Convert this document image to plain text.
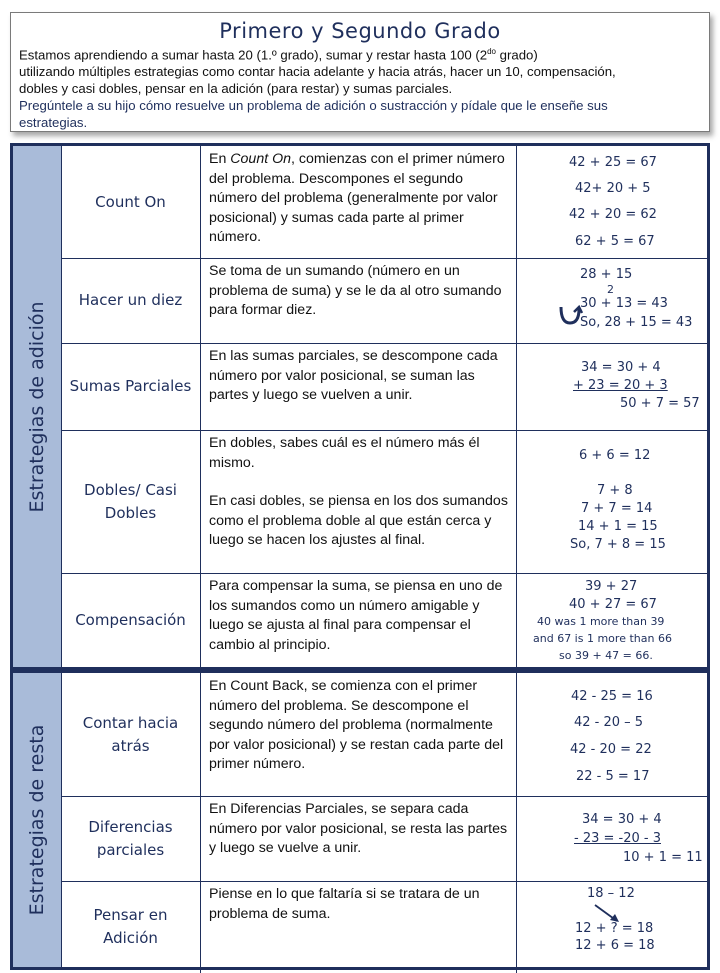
Primero y Segundo Grado
Estamos aprendiendo a sumar hasta 20 (1.º grado), sumar y restar hasta 100 ($2^{do}$ grado)
utilizando múltiples estrategias como contar hacia adelante y hacia atrás, hacer un 10, compensación,
dobles y casi dobles, pensar en la adición (para restar) y sumas parciales.
Pregúntele a su hijo cómo resuelve un problema de adición o sustracción y pídale que le enseñe sus
estrategias.
Estrategias de adición
Count On
En Count On, comienzas con el primer número del problema. Descompones el segundo número del problema (generalmente por valor posicional) y sumas cada parte al primer número.
42 + 25 = 67
42+ 20 + 5
42 + 20 = 62
62 + 5 = 67
Hacer un diez
Se toma de un sumando (número en un problema de suma) y se le da al otro sumando para formar diez.
28 + 15
2
30 + 13 = 43
So, 28 + 15 = 43
Sumas Parciales
En las sumas parciales, se descompone cada número por valor posicional, se suman las partes y luego se vuelven a unir.
34 = 30 + 4
+ 23 = 20 + 3
50 + 7 = 57
Dobles/ Casi Dobles
En dobles, sabes cuál es el número más él mismo.
En casi dobles, se piensa en los dos sumandos como el problema doble al que están cerca y luego se hacen los ajustes al final.
6 + 6 = 12
7 + 8
7 + 7 = 14
14 + 1 = 15
So, 7 + 8 = 15
Compensación
Para compensar la suma, se piensa en uno de los sumandos como un número amigable y luego se ajusta al final para compensar el cambio al principio.
39 + 27
40 + 27 = 67
40 was 1 more than 39
and 67 is 1 more than 66
so 39 + 47 = 66.
Estrategias de resta
Contar hacia atrás
En Count Back, se comienza con el primer número del problema. Se descompone el segundo número del problema (normalmente por valor posicional) y se restan cada parte del primer número.
42 - 25 = 16
42 - 20 – 5
42 - 20 = 22
22 - 5 = 17
Diferencias parciales
En Diferencias Parciales, se separa cada número por valor posicional, se resta las partes y luego se vuelve a unir.
34 = 30 + 4
- 23 = -20 - 3
10 + 1 = 11
Pensar en Adición
Piense en lo que faltaría si se tratara de un problema de suma.
18 – 12
12 + ? = 18
12 + 6 = 18
